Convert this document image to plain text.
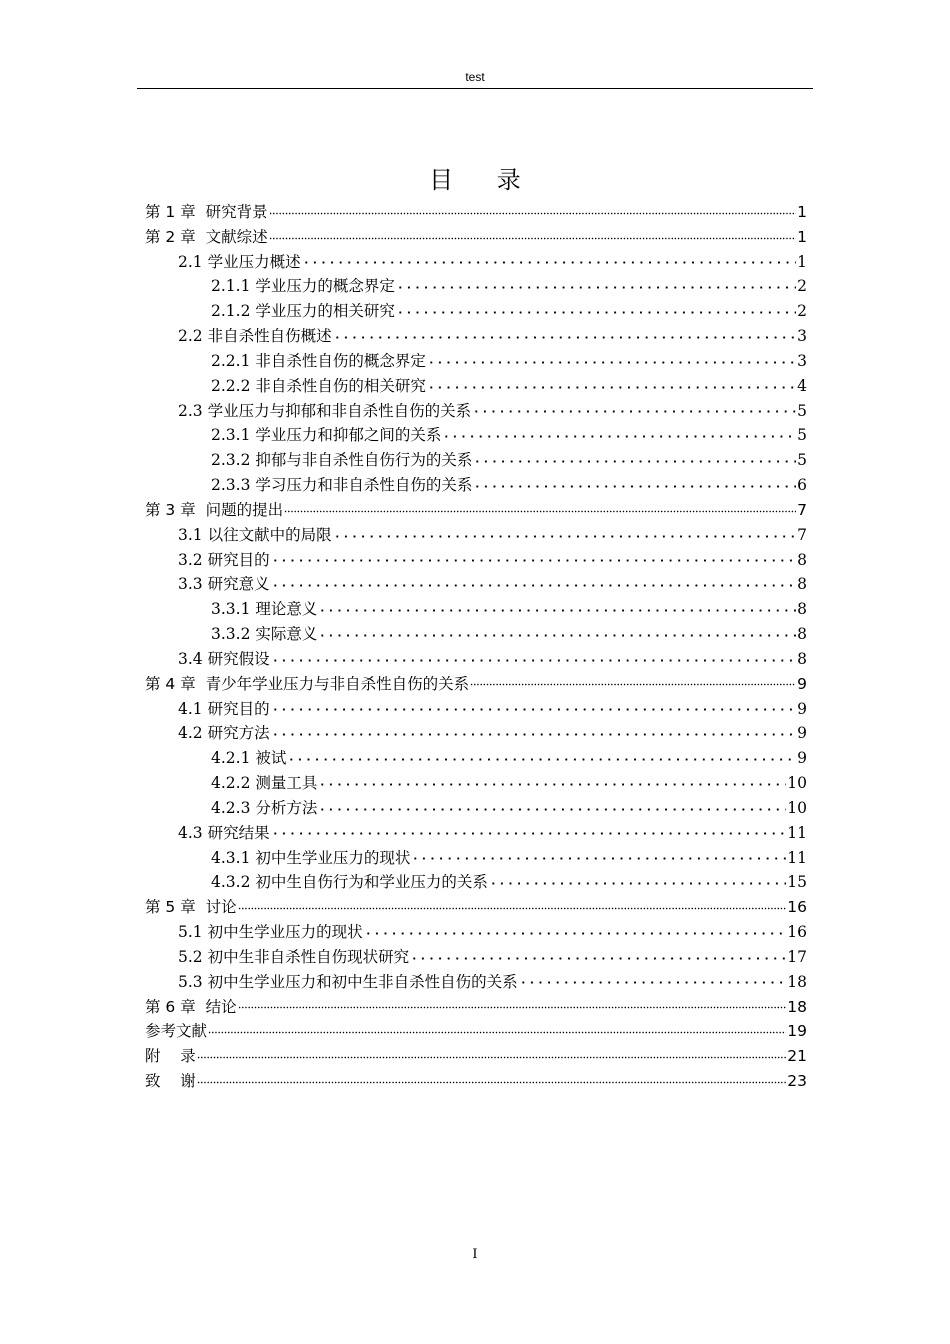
test
目 录
第 1 章  研究背景	1
第 2 章  文献综述	1
2.1 学业压力概述	1
2.1.1 学业压力的概念界定	2
2.1.2 学业压力的相关研究	2
2.2 非自杀性自伤概述	3
2.2.1 非自杀性自伤的概念界定	3
2.2.2 非自杀性自伤的相关研究	4
2.3 学业压力与抑郁和非自杀性自伤的关系	5
2.3.1 学业压力和抑郁之间的关系	5
2.3.2 抑郁与非自杀性自伤行为的关系	5
2.3.3 学习压力和非自杀性自伤的关系	6
第 3 章  问题的提出	7
3.1 以往文献中的局限	7
3.2 研究目的	8
3.3 研究意义	8
3.3.1 理论意义	8
3.3.2 实际意义	8
3.4 研究假设	8
第 4 章  青少年学业压力与非自杀性自伤的关系	9
4.1 研究目的	9
4.2 研究方法	9
4.2.1 被试	9
4.2.2 测量工具	10
4.2.3 分析方法	10
4.3 研究结果	11
4.3.1 初中生学业压力的现状	11
4.3.2 初中生自伤行为和学业压力的关系	15
第 5 章  讨论	16
5.1 初中生学业压力的现状	16
5.2 初中生非自杀性自伤现状研究	17
5.3 初中生学业压力和初中生非自杀性自伤的关系	18
第 6 章  结论	18
参考文献	19
附    录	21
致    谢	23
I
